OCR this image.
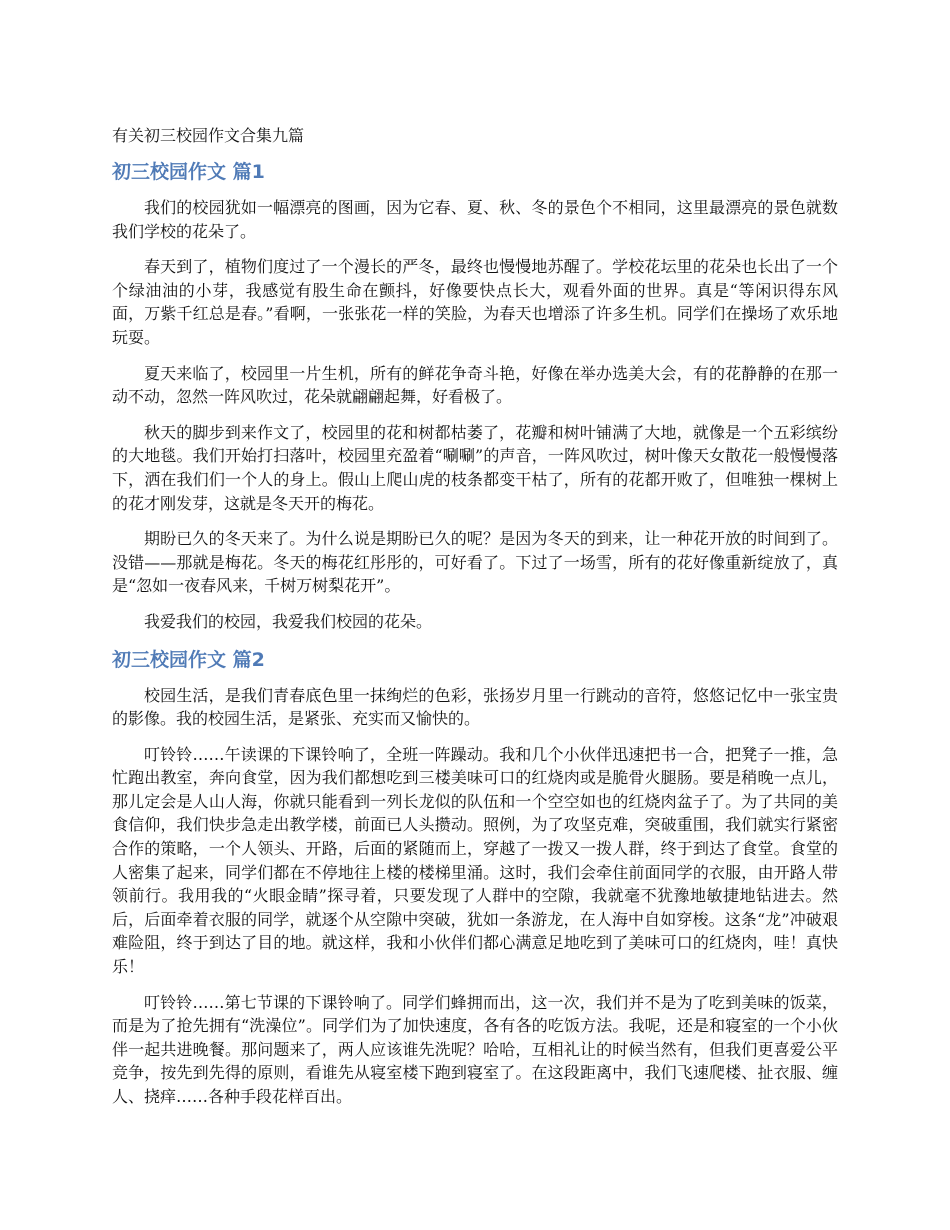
有关初三校园作文合集九篇
初三校园作文 篇1

我们的校园犹如一幅漂亮的图画，因为它春、夏、秋、冬的景色个不相同，这里最漂亮的景色就数我们学校的花朵了。

春天到了，植物们度过了一个漫长的严冬，最终也慢慢地苏醒了。学校花坛里的花朵也长出了一个个绿油油的小芽，我感觉有股生命在颤抖，好像要快点长大，观看外面的世界。真是“等闲识得东风面，万紫千红总是春。”看啊，一张张花一样的笑脸，为春天也增添了许多生机。同学们在操场了欢乐地玩耍。

夏天来临了，校园里一片生机，所有的鲜花争奇斗艳，好像在举办选美大会，有的花静静的在那一动不动，忽然一阵风吹过，花朵就翩翩起舞，好看极了。

秋天的脚步到来作文了，校园里的花和树都枯萎了，花瓣和树叶铺满了大地，就像是一个五彩缤纷的大地毯。我们开始打扫落叶，校园里充盈着“唰唰”的声音，一阵风吹过，树叶像天女散花一般慢慢落下，洒在我们们一个人的身上。假山上爬山虎的枝条都变干枯了，所有的花都开败了，但唯独一棵树上的花才刚发芽，这就是冬天开的梅花。

期盼已久的冬天来了。为什么说是期盼已久的呢？是因为冬天的到来，让一种花开放的时间到了。没错——那就是梅花。冬天的梅花红彤彤的，可好看了。下过了一场雪，所有的花好像重新绽放了，真是“忽如一夜春风来，千树万树梨花开”。

我爱我们的校园，我爱我们校园的花朵。

初三校园作文 篇2

校园生活，是我们青春底色里一抹绚烂的色彩，张扬岁月里一行跳动的音符，悠悠记忆中一张宝贵的影像。我的校园生活，是紧张、充实而又愉快的。

叮铃铃……午读课的下课铃响了，全班一阵躁动。我和几个小伙伴迅速把书一合，把凳子一推，急忙跑出教室，奔向食堂，因为我们都想吃到三楼美味可口的红烧肉或是脆骨火腿肠。要是稍晚一点儿，那儿定会是人山人海，你就只能看到一列长龙似的队伍和一个空空如也的红烧肉盆子了。为了共同的美食信仰，我们快步急走出教学楼，前面已人头攒动。照例，为了攻坚克难，突破重围，我们就实行紧密合作的策略，一个人领头、开路，后面的紧随而上，穿越了一拨又一拨人群，终于到达了食堂。食堂的人密集了起来，同学们都在不停地往上楼的楼梯里涌。这时，我们会牵住前面同学的衣服，由开路人带领前行。我用我的“火眼金睛”探寻着，只要发现了人群中的空隙，我就毫不犹豫地敏捷地钻进去。然后，后面牵着衣服的同学，就逐个从空隙中突破，犹如一条游龙，在人海中自如穿梭。这条“龙”冲破艰难险阻，终于到达了目的地。就这样，我和小伙伴们都心满意足地吃到了美味可口的红烧肉，哇！真快乐！

叮铃铃……第七节课的下课铃响了。同学们蜂拥而出，这一次，我们并不是为了吃到美味的饭菜，而是为了抢先拥有“洗澡位”。同学们为了加快速度，各有各的吃饭方法。我呢，还是和寝室的一个小伙伴一起共进晚餐。那问题来了，两人应该谁先洗呢？哈哈，互相礼让的时候当然有，但我们更喜爱公平竞争，按先到先得的原则，看谁先从寝室楼下跑到寝室了。在这段距离中，我们飞速爬楼、扯衣服、缠人、挠痒……各种手段花样百出。
